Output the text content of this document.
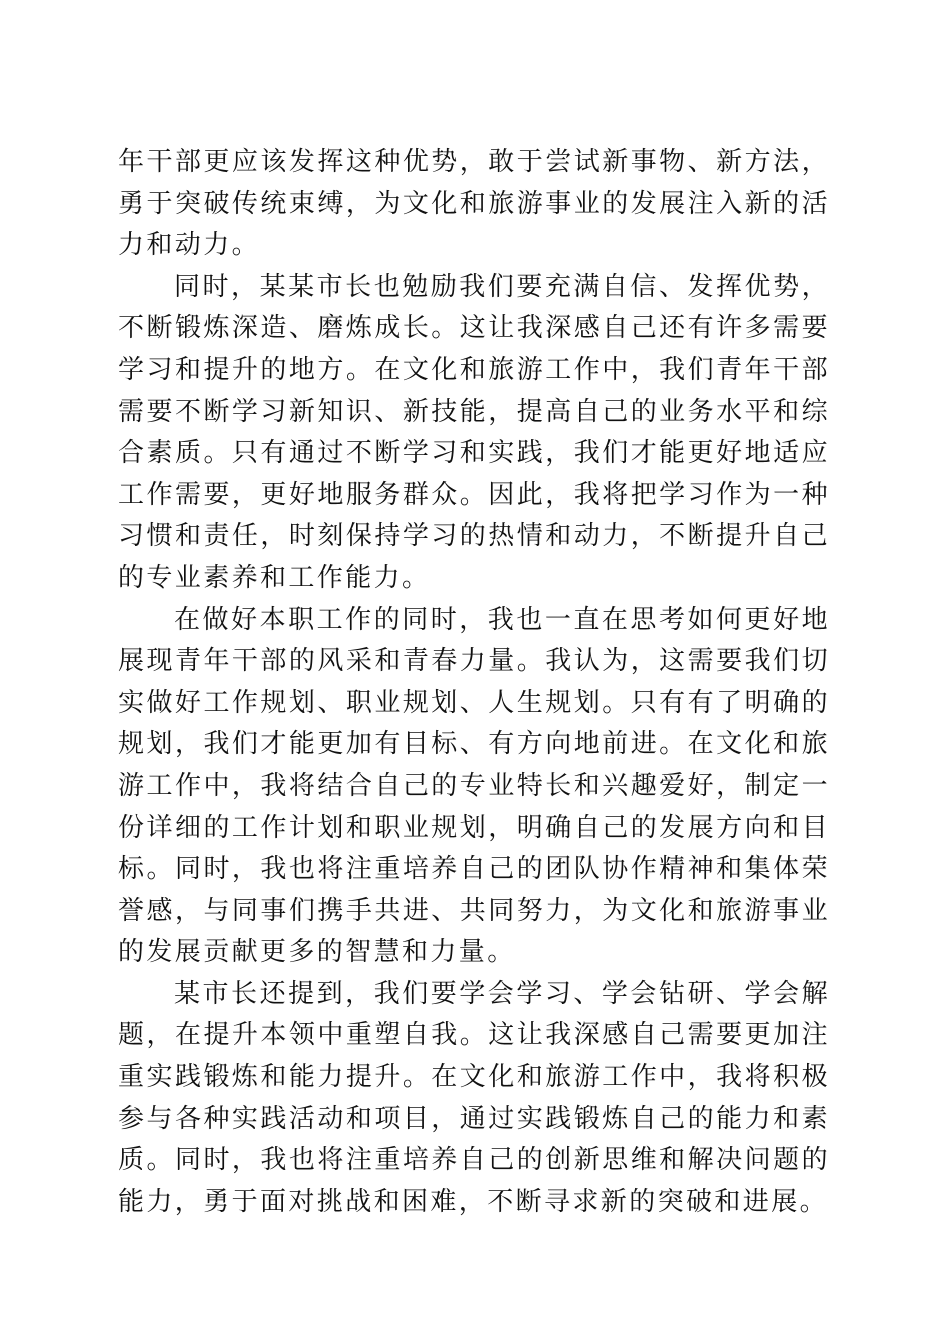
年干部更应该发挥这种优势，敢于尝试新事物、新方法，勇于突破传统束缚，为文化和旅游事业的发展注入新的活力和动力。

同时，某某市长也勉励我们要充满自信、发挥优势，不断锻炼深造、磨炼成长。这让我深感自己还有许多需要学习和提升的地方。在文化和旅游工作中，我们青年干部需要不断学习新知识、新技能，提高自己的业务水平和综合素质。只有通过不断学习和实践，我们才能更好地适应工作需要，更好地服务群众。因此，我将把学习作为一种习惯和责任，时刻保持学习的热情和动力，不断提升自己的专业素养和工作能力。

在做好本职工作的同时，我也一直在思考如何更好地展现青年干部的风采和青春力量。我认为，这需要我们切实做好工作规划、职业规划、人生规划。只有有了明确的规划，我们才能更加有目标、有方向地前进。在文化和旅游工作中，我将结合自己的专业特长和兴趣爱好，制定一份详细的工作计划和职业规划，明确自己的发展方向和目标。同时，我也将注重培养自己的团队协作精神和集体荣誉感，与同事们携手共进、共同努力，为文化和旅游事业的发展贡献更多的智慧和力量。

某市长还提到，我们要学会学习、学会钻研、学会解题，在提升本领中重塑自我。这让我深感自己需要更加注重实践锻炼和能力提升。在文化和旅游工作中，我将积极参与各种实践活动和项目，通过实践锻炼自己的能力和素质。同时，我也将注重培养自己的创新思维和解决问题的能力，勇于面对挑战和困难，不断寻求新的突破和进展。
